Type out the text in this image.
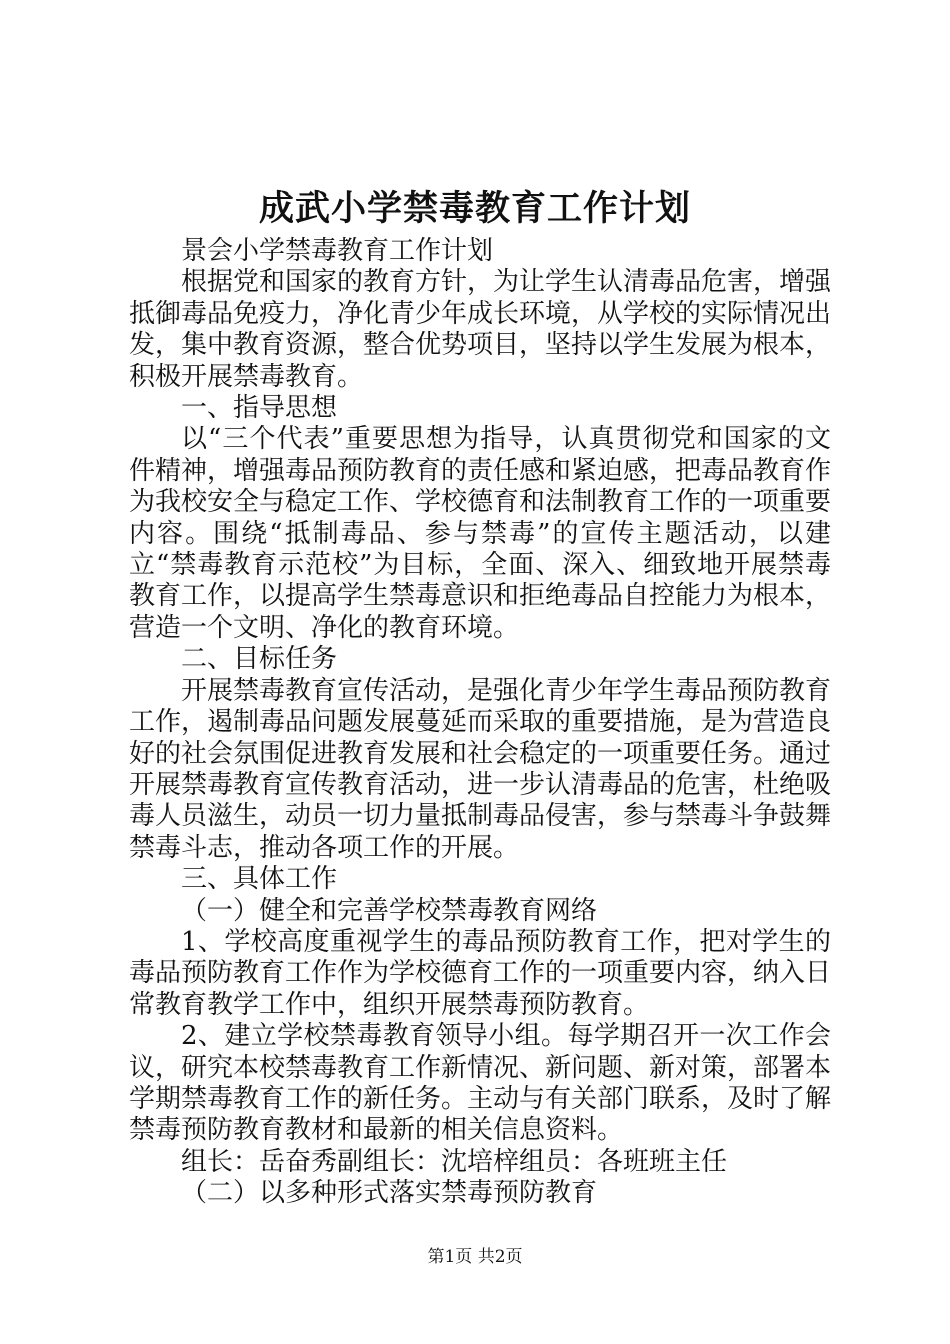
成武小学禁毒教育工作计划

景会小学禁毒教育工作计划

根据党和国家的教育方针，为让学生认清毒品危害，增强抵御毒品免疫力，净化青少年成长环境，从学校的实际情况出发，集中教育资源，整合优势项目，坚持以学生发展为根本，积极开展禁毒教育。

一、指导思想

以“三个代表”重要思想为指导，认真贯彻党和国家的文件精神，增强毒品预防教育的责任感和紧迫感，把毒品教育作为我校安全与稳定工作、学校德育和法制教育工作的一项重要内容。围绕“抵制毒品、参与禁毒”的宣传主题活动，以建立“禁毒教育示范校”为目标，全面、深入、细致地开展禁毒教育工作，以提高学生禁毒意识和拒绝毒品自控能力为根本，营造一个文明、净化的教育环境。

二、目标任务

开展禁毒教育宣传活动，是强化青少年学生毒品预防教育工作，遏制毒品问题发展蔓延而采取的重要措施，是为营造良好的社会氛围促进教育发展和社会稳定的一项重要任务。通过开展禁毒教育宣传教育活动，进一步认清毒品的危害，杜绝吸毒人员滋生，动员一切力量抵制毒品侵害，参与禁毒斗争鼓舞禁毒斗志，推动各项工作的开展。

三、具体工作

（一）健全和完善学校禁毒教育网络

1、学校高度重视学生的毒品预防教育工作，把对学生的毒品预防教育工作作为学校德育工作的一项重要内容，纳入日常教育教学工作中，组织开展禁毒预防教育。

2、建立学校禁毒教育领导小组。每学期召开一次工作会议，研究本校禁毒教育工作新情况、新问题、新对策，部署本学期禁毒教育工作的新任务。主动与有关部门联系，及时了解禁毒预防教育教材和最新的相关信息资料。

组长：岳奋秀副组长：沈培梓组员：各班班主任

（二）以多种形式落实禁毒预防教育

第1页 共2页
